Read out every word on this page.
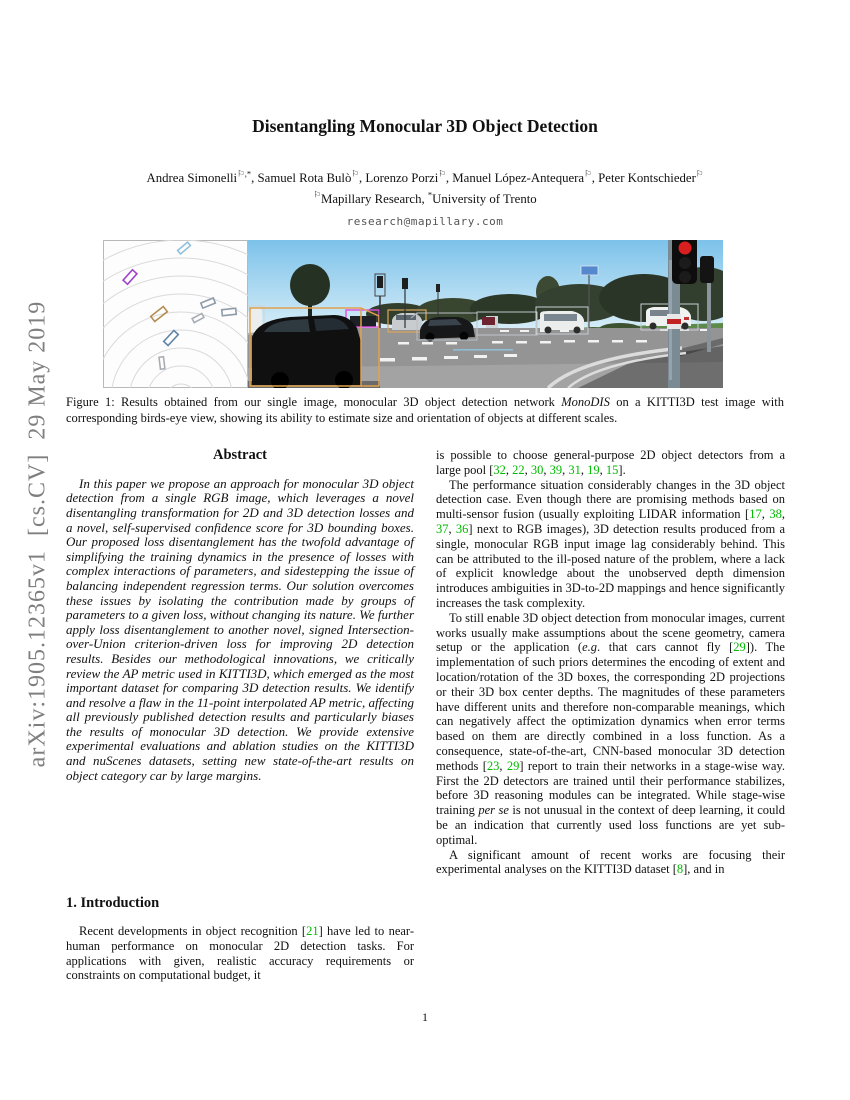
arXiv:1905.12365v1  [cs.CV]  29 May 2019
Disentangling Monocular 3D Object Detection
Andrea Simonelli⚐,*, Samuel Rota Bulò⚐, Lorenzo Porzi⚐, Manuel López-Antequera⚐, Peter Kontschieder⚐
⚐Mapillary Research, *University of Trento
research@mapillary.com
Figure 1: Results obtained from our single image, monocular 3D object detection network MonoDIS on a KITTI3D test image with corresponding birds-eye view, showing its ability to estimate size and orientation of objects at different scales.
Abstract

In this paper we propose an approach for monocular 3D object detection from a single RGB image, which leverages a novel disentangling transformation for 2D and 3D detection losses and a novel, self-supervised confidence score for 3D bounding boxes. Our proposed loss disentanglement has the twofold advantage of simplifying the training dynamics in the presence of losses with complex interactions of parameters, and sidestepping the issue of balancing independent regression terms. Our solution overcomes these issues by isolating the contribution made by groups of parameters to a given loss, without changing its nature. We further apply loss disentanglement to another novel, signed Intersection-over-Union criterion-driven loss for improving 2D detection results. Besides our methodological innovations, we critically review the AP metric used in KITTI3D, which emerged as the most important dataset for comparing 3D detection results. We identify and resolve a flaw in the 11-point interpolated AP metric, affecting all previously published detection results and particularly biases the results of monocular 3D detection. We provide extensive experimental evaluations and ablation studies on the KITTI3D and nuScenes datasets, setting new state-of-the-art results on object category car by large margins.

1. Introduction

Recent developments in object recognition [21] have led to near-human performance on monocular 2D detection tasks. For applications with given, realistic accuracy requirements or constraints on computational budget, it

is possible to choose general-purpose 2D object detectors from a large pool [32, 22, 30, 39, 31, 19, 15].

The performance situation considerably changes in the 3D object detection case. Even though there are promising methods based on multi-sensor fusion (usually exploiting LIDAR information [17, 38, 37, 36] next to RGB images), 3D detection results produced from a single, monocular RGB input image lag considerably behind. This can be attributed to the ill-posed nature of the problem, where a lack of explicit knowledge about the unobserved depth dimension introduces ambiguities in 3D-to-2D mappings and hence significantly increases the task complexity.

To still enable 3D object detection from monocular images, current works usually make assumptions about the scene geometry, camera setup or the application (e.g. that cars cannot fly [29]). The implementation of such priors determines the encoding of extent and location/rotation of the 3D boxes, the corresponding 2D projections or their 3D box center depths. The magnitudes of these parameters have different units and therefore non-comparable meanings, which can negatively affect the optimization dynamics when error terms based on them are directly combined in a loss function. As a consequence, state-of-the-art, CNN-based monocular 3D detection methods [23, 29] report to train their networks in a stage-wise way. First the 2D detectors are trained until their performance stabilizes, before 3D reasoning modules can be integrated. While stage-wise training per se is not unusual in the context of deep learning, it could be an indication that currently used loss functions are yet sub-optimal.

A significant amount of recent works are focusing their experimental analyses on the KITTI3D dataset [8], and in

1
